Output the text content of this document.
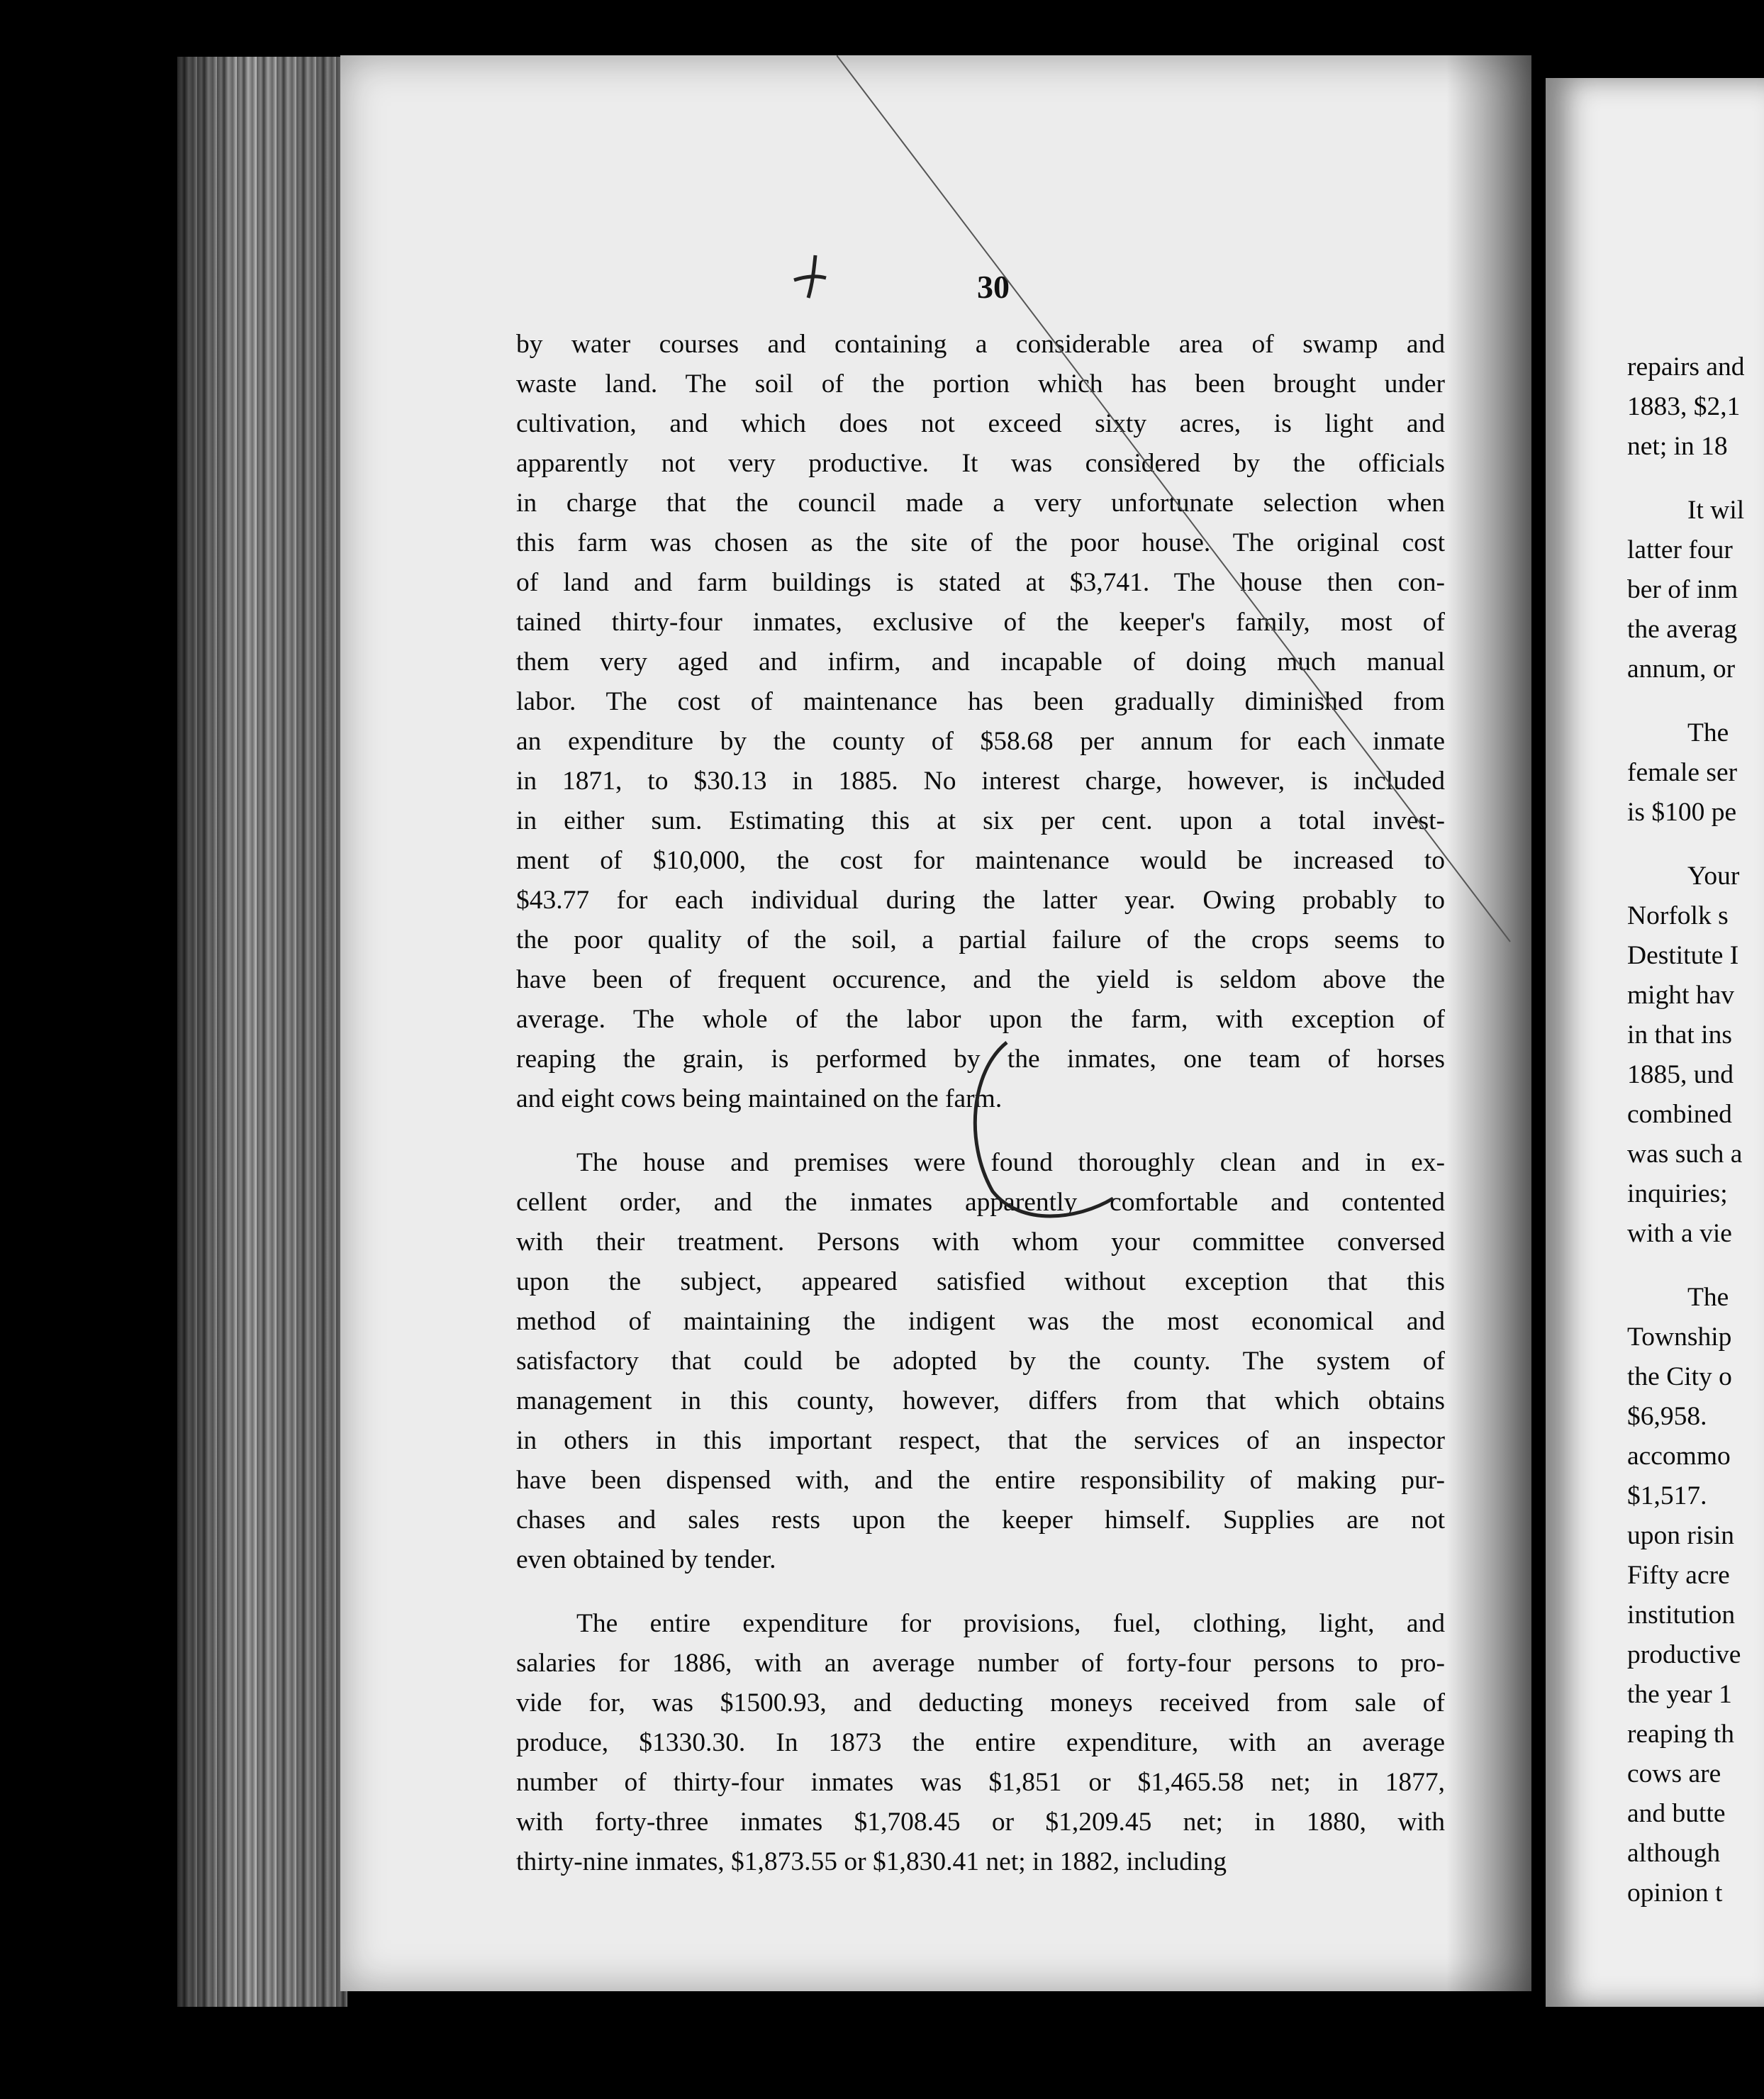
30
by water courses and containing a considerable area of swamp and
waste land. The soil of the portion which has been brought under
cultivation, and which does not exceed sixty acres, is light and
apparently not very productive. It was considered by the officials
in charge that the council made a very unfortunate selection when
this farm was chosen as the site of the poor house. The original cost
of land and farm buildings is stated at $3,741. The house then con-
tained thirty-four inmates, exclusive of the keeper's family, most of
them very aged and infirm, and incapable of doing much manual
labor. The cost of maintenance has been gradually diminished from
an expenditure by the county of $58.68 per annum for each inmate
in 1871, to $30.13 in 1885. No interest charge, however, is included
in either sum. Estimating this at six per cent. upon a total invest-
ment of $10,000, the cost for maintenance would be increased to
$43.77 for each individual during the latter year. Owing probably to
the poor quality of the soil, a partial failure of the crops seems to
have been of frequent occurence, and the yield is seldom above the
average. The whole of the labor upon the farm, with exception of
reaping the grain, is performed by the inmates, one team of horses
and eight cows being maintained on the farm.
The house and premises were found thoroughly clean and in ex-
cellent order, and the inmates apparently comfortable and contented
with their treatment. Persons with whom your committee conversed
upon the subject, appeared satisfied without exception that this
method of maintaining the indigent was the most economical and
satisfactory that could be adopted by the county. The system of
management in this county, however, differs from that which obtains
in others in this important respect, that the services of an inspector
have been dispensed with, and the entire responsibility of making pur-
chases and sales rests upon the keeper himself. Supplies are not
even obtained by tender.
The entire expenditure for provisions, fuel, clothing, light, and
salaries for 1886, with an average number of forty-four persons to pro-
vide for, was $1500.93, and deducting moneys received from sale of
produce, $1330.30. In 1873 the entire expenditure, with an average
number of thirty-four inmates was $1,851 or $1,465.58 net; in 1877,
with forty-three inmates $1,708.45 or $1,209.45 net; in 1880, with
thirty-nine inmates, $1,873.55 or $1,830.41 net; in 1882, including
repairs and
1883, $2,1
net; in 18
It wil
latter four
ber of inm
the averag
annum, or
The
female ser
is $100 pe
Your
Norfolk s
Destitute I
might hav
in that ins
1885, und
combined
was such a
inquiries;
with a vie
The
Township
the City o
$6,958.
accommo
$1,517.
upon risin
Fifty acre
institution
productive
the year 1
reaping th
cows are
and butte
although
opinion t
